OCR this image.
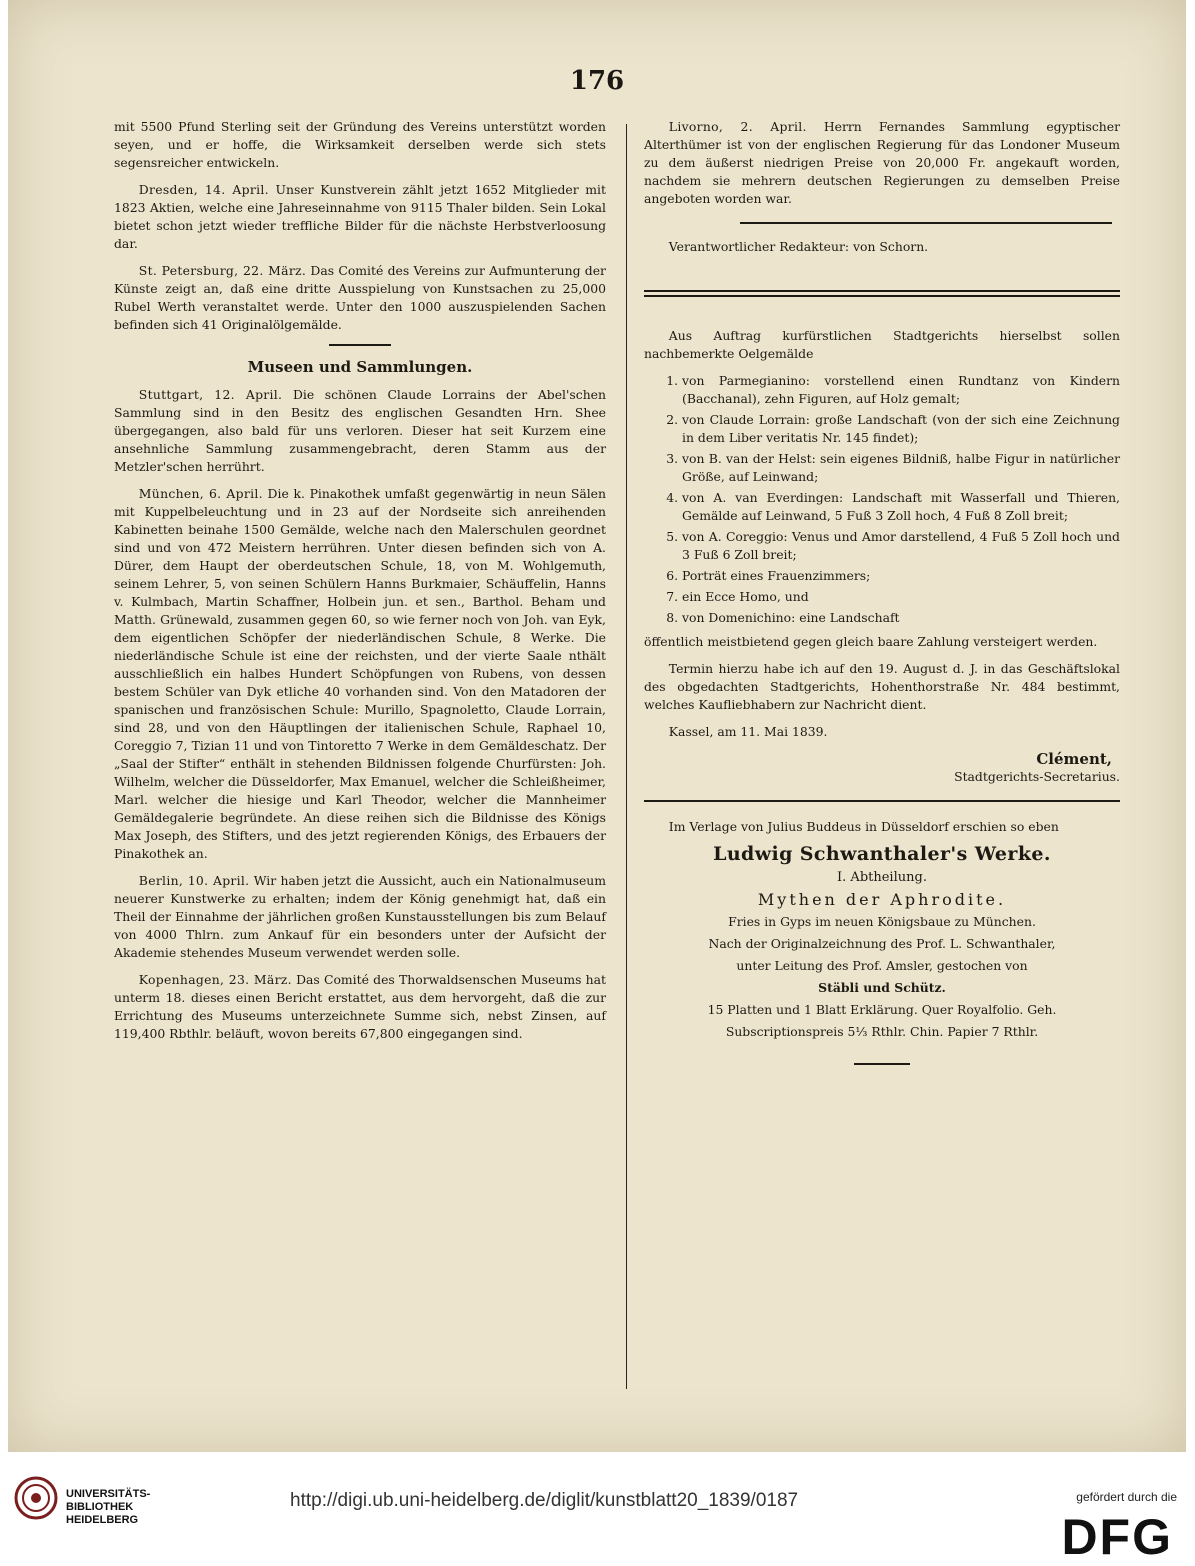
176

mit 5500 Pfund Sterling seit der Gründung des Vereins unterstützt worden seyen, und er hoffe, die Wirksamkeit derselben werde sich stets segensreicher entwickeln.

Dresden, 14. April. Unser Kunstverein zählt jetzt 1652 Mitglieder mit 1823 Aktien, welche eine Jahreseinnahme von 9115 Thaler bilden. Sein Lokal bietet schon jetzt wieder treffliche Bilder für die nächste Herbstverloosung dar.

St. Petersburg, 22. März. Das Comité des Vereins zur Aufmunterung der Künste zeigt an, daß eine dritte Ausspielung von Kunstsachen zu 25,000 Rubel Werth veranstaltet werde. Unter den 1000 auszuspielenden Sachen befinden sich 41 Originalölgemälde.

Museen und Sammlungen.

Stuttgart, 12. April. Die schönen Claude Lorrains der Abel'schen Sammlung sind in den Besitz des englischen Gesandten Hrn. Shee übergegangen, also bald für uns verloren. Dieser hat seit Kurzem eine ansehnliche Sammlung zusammengebracht, deren Stamm aus der Metzler'schen herrührt.

München, 6. April. Die k. Pinakothek umfaßt gegenwärtig in neun Sälen mit Kuppelbeleuchtung und in 23 auf der Nordseite sich anreihenden Kabinetten beinahe 1500 Gemälde, welche nach den Malerschulen geordnet sind und von 472 Meistern herrühren. Unter diesen befinden sich von A. Dürer, dem Haupt der oberdeutschen Schule, 18, von M. Wohlgemuth, seinem Lehrer, 5, von seinen Schülern Hanns Burkmaier, Schäuffelin, Hanns v. Kulmbach, Martin Schaffner, Holbein jun. et sen., Barthol. Beham und Matth. Grünewald, zusammen gegen 60, so wie ferner noch von Joh. van Eyk, dem eigentlichen Schöpfer der niederländischen Schule, 8 Werke. Die niederländische Schule ist eine der reichsten, und der vierte Saale nthält ausschließlich ein halbes Hundert Schöpfungen von Rubens, von dessen bestem Schüler van Dyk etliche 40 vorhanden sind. Von den Matadoren der spanischen und französischen Schule: Murillo, Spagnoletto, Claude Lorrain, sind 28, und von den Häuptlingen der italienischen Schule, Raphael 10, Coreggio 7, Tizian 11 und von Tintoretto 7 Werke in dem Gemäldeschatz. Der „Saal der Stifter“ enthält in stehenden Bildnissen folgende Churfürsten: Joh. Wilhelm, welcher die Düsseldorfer, Max Emanuel, welcher die Schleißheimer, Marl. welcher die hiesige und Karl Theodor, welcher die Mannheimer Gemäldegalerie begründete. An diese reihen sich die Bildnisse des Königs Max Joseph, des Stifters, und des jetzt regierenden Königs, des Erbauers der Pinakothek an.

Berlin, 10. April. Wir haben jetzt die Aussicht, auch ein Nationalmuseum neuerer Kunstwerke zu erhalten; indem der König genehmigt hat, daß ein Theil der Einnahme der jährlichen großen Kunstausstellungen bis zum Belauf von 4000 Thlrn. zum Ankauf für ein besonders unter der Aufsicht der Akademie stehendes Museum verwendet werden solle.

Kopenhagen, 23. März. Das Comité des Thorwaldsenschen Museums hat unterm 18. dieses einen Bericht erstattet, aus dem hervorgeht, daß die zur Errichtung des Museums unterzeichnete Summe sich, nebst Zinsen, auf 119,400 Rbthlr. beläuft, wovon bereits 67,800 eingegangen sind.

Livorno, 2. April. Herrn Fernandes Sammlung egyptischer Alterthümer ist von der englischen Regierung für das Londoner Museum zu dem äußerst niedrigen Preise von 20,000 Fr. angekauft worden, nachdem sie mehrern deutschen Regierungen zu demselben Preise angeboten worden war.

Verantwortlicher Redakteur: von Schorn.

Aus Auftrag kurfürstlichen Stadtgerichts hierselbst sollen nachbemerkte Oelgemälde

1. von Parmegianino: vorstellend einen Rundtanz von Kindern (Bacchanal), zehn Figuren, auf Holz gemalt;
2. von Claude Lorrain: große Landschaft (von der sich eine Zeichnung in dem Liber veritatis Nr. 145 findet);
3. von B. van der Helst: sein eigenes Bildniß, halbe Figur in natürlicher Größe, auf Leinwand;
4. von A. van Everdingen: Landschaft mit Wasserfall und Thieren, Gemälde auf Leinwand, 5 Fuß 3 Zoll hoch, 4 Fuß 8 Zoll breit;
5. von A. Coreggio: Venus und Amor darstellend, 4 Fuß 5 Zoll hoch und 3 Fuß 6 Zoll breit;
6. Porträt eines Frauenzimmers;
7. ein Ecce Homo, und
8. von Domenichino: eine Landschaft

öffentlich meistbietend gegen gleich baare Zahlung versteigert werden.

Termin hierzu habe ich auf den 19. August d. J. in das Geschäftslokal des obgedachten Stadtgerichts, Hohenthorstraße Nr. 484 bestimmt, welches Kaufliebhabern zur Nachricht dient.

Kassel, am 11. Mai 1839.

Clément,
Stadtgerichts-Secretarius.

Im Verlage von Julius Buddeus in Düsseldorf erschien so eben

Ludwig Schwanthaler's Werke.
I. Abtheilung.
Mythen der Aphrodite.
Fries in Gyps im neuen Königsbaue zu München.
Nach der Originalzeichnung des Prof. L. Schwanthaler,
unter Leitung des Prof. Amsler, gestochen von
Stäbli und Schütz.
15 Platten und 1 Blatt Erklärung. Quer Royalfolio. Geh.
Subscriptionspreis 5⅓ Rthlr. Chin. Papier 7 Rthlr.
UNIVERSITÄTS-
BIBLIOTHEK
HEIDELBERG
http://digi.ub.uni-heidelberg.de/diglit/kunstblatt20_1839/0187	gefördert durch die
DFG
